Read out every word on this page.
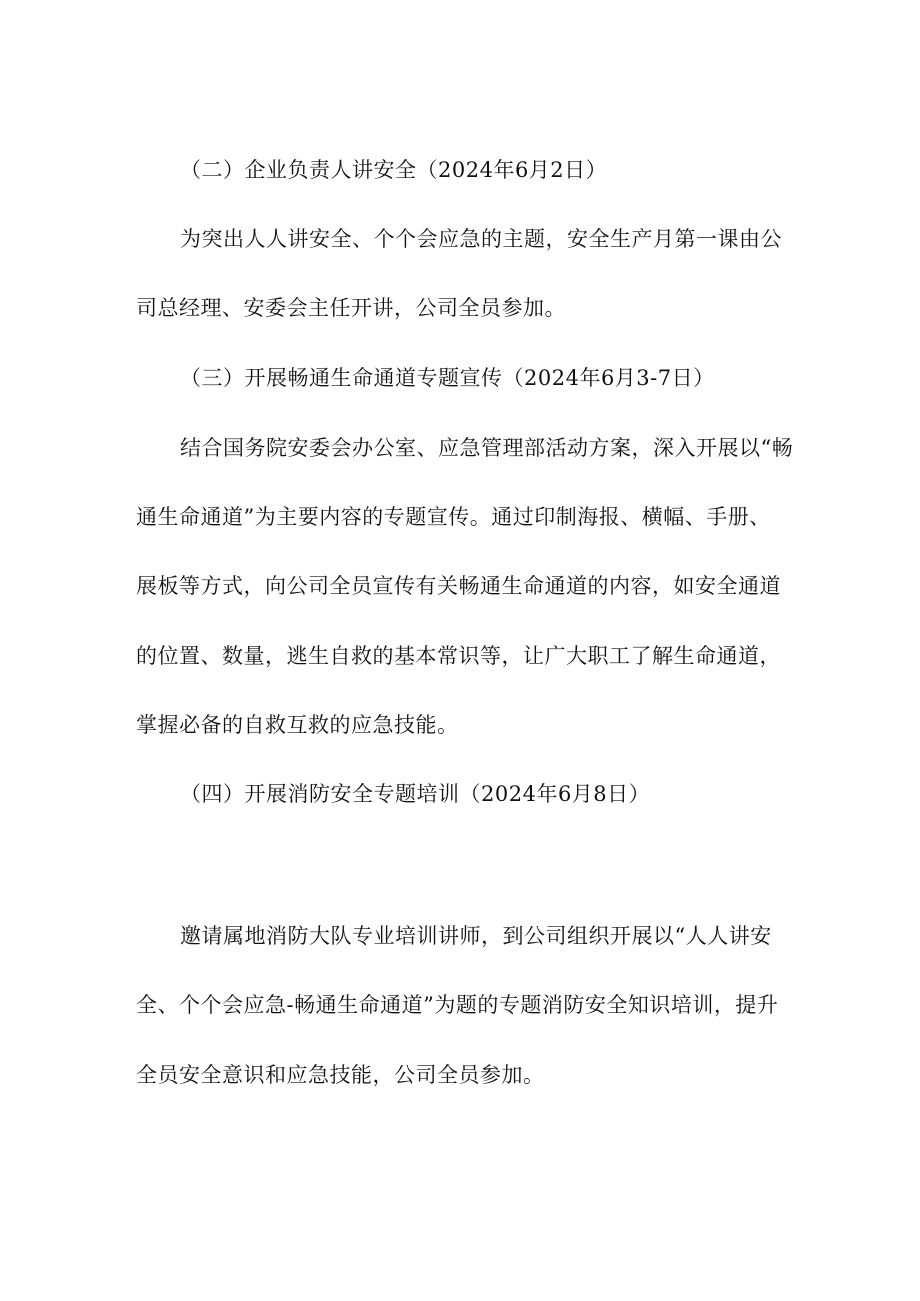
（二）企业负责人讲安全（2024年6月2日）
为突出人人讲安全、个个会应急的主题，安全生产月第一课由公
司总经理、安委会主任开讲，公司全员参加。
（三）开展畅通生命通道专题宣传（2024年6月3-7日）
结合国务院安委会办公室、应急管理部活动方案，深入开展以“畅
通生命通道”为主要内容的专题宣传。通过印制海报、横幅、手册、
展板等方式，向公司全员宣传有关畅通生命通道的内容，如安全通道
的位置、数量，逃生自救的基本常识等，让广大职工了解生命通道，
掌握必备的自救互救的应急技能。
（四）开展消防安全专题培训（2024年6月8日）
邀请属地消防大队专业培训讲师，到公司组织开展以“人人讲安
全、个个会应急-畅通生命通道”为题的专题消防安全知识培训，提升
全员安全意识和应急技能，公司全员参加。
